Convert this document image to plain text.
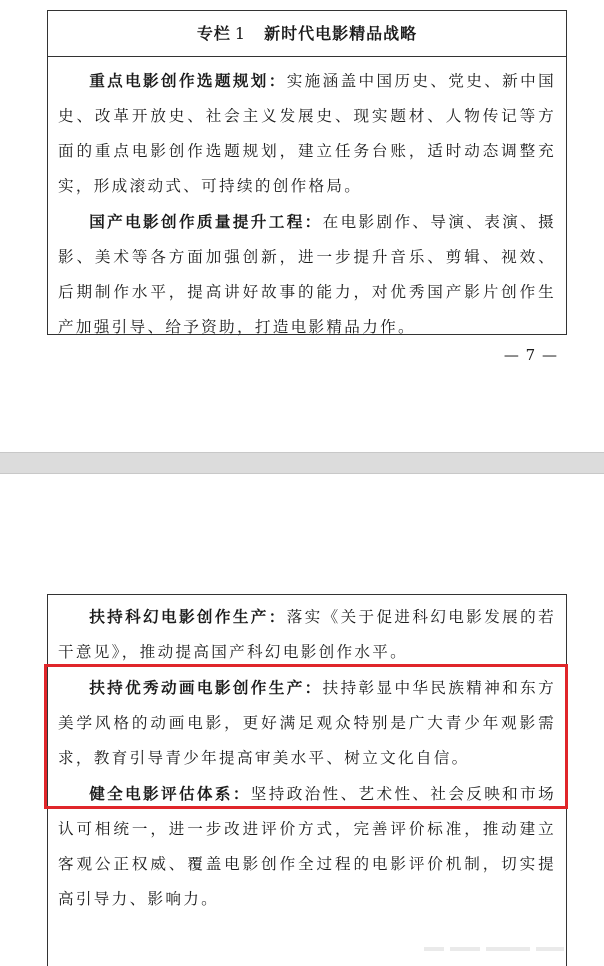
专栏 1 新时代电影精品战略

重点电影创作选题规划：实施涵盖中国历史、党史、新中国史、改革开放史、社会主义发展史、现实题材、人物传记等方面的重点电影创作选题规划，建立任务台账，适时动态调整充实，形成滚动式、可持续的创作格局。

国产电影创作质量提升工程：在电影剧作、导演、表演、摄影、美术等各方面加强创新，进一步提升音乐、剪辑、视效、后期制作水平，提高讲好故事的能力，对优秀国产影片创作生产加强引导、给予资助，打造电影精品力作。

— 7 —

扶持科幻电影创作生产：落实《关于促进科幻电影发展的若干意见》，推动提高国产科幻电影创作水平。

扶持优秀动画电影创作生产：扶持彰显中华民族精神和东方美学风格的动画电影，更好满足观众特别是广大青少年观影需求，教育引导青少年提高审美水平、树立文化自信。

健全电影评估体系：坚持政治性、艺术性、社会反映和市场认可相统一，进一步改进评价方式，完善评价标准，推动建立客观公正权威、覆盖电影创作全过程的电影评价机制，切实提高引导力、影响力。
